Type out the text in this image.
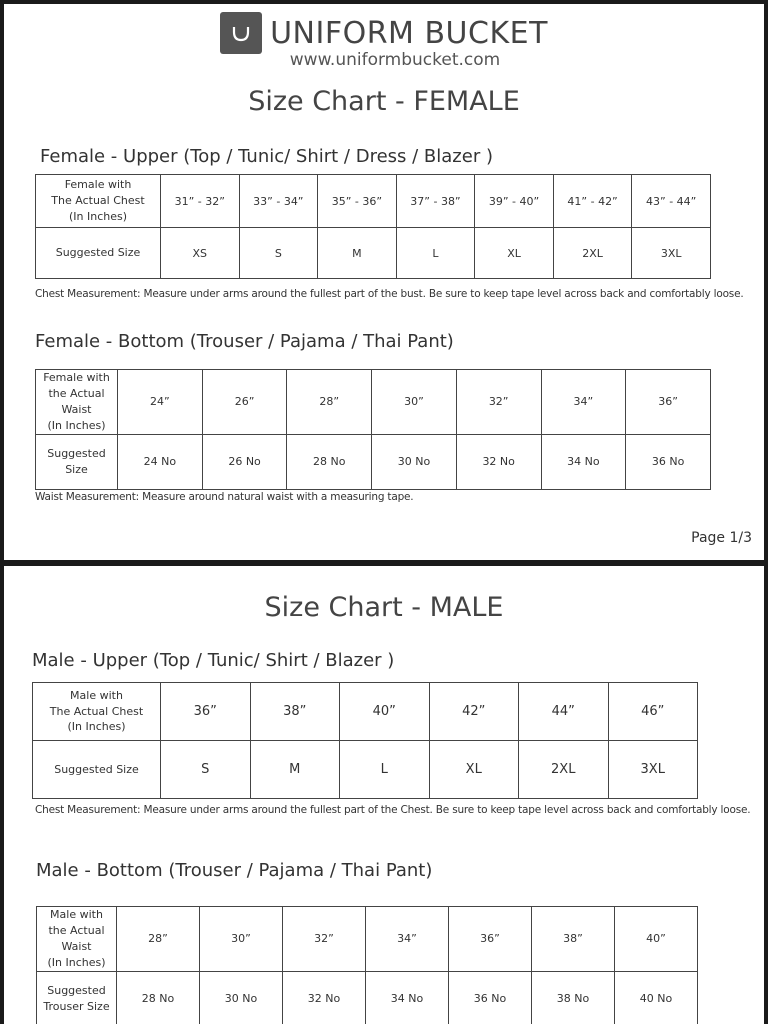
UNIFORM BUCKET
www.uniformbucket.com
Size Chart - FEMALE
Female - Upper (Top / Tunic/ Shirt / Dress / Blazer )
Female with
The Actual Chest
(In Inches)	31” - 32”	33” - 34”	35” - 36”	37” - 38”	39” - 40”	41” - 42”	43” - 44”
Suggested Size	XS	S	M	L	XL	2XL	3XL
Chest Measurement: Measure under arms around the fullest part of the bust. Be sure to keep tape level across back and comfortably loose.
Female - Bottom (Trouser / Pajama / Thai Pant)
Female with
the Actual Waist
(In Inches)	24”	26”	28”	30”	32”	34”	36”

Suggested
Size	24 No	26 No	28 No	30 No	32 No	34 No	36 No
Waist Measurement: Measure around natural waist with a measuring tape.
Page 1/3
Size Chart - MALE
Male - Upper (Top / Tunic/ Shirt / Blazer )
Male with
The Actual Chest
(In Inches)	36”	38”	40”	42”	44”	46”
Suggested Size	S	M	L	XL	2XL	3XL
Chest Measurement: Measure under arms around the fullest part of the Chest. Be sure to keep tape level across back and comfortably loose.
Male - Bottom (Trouser / Pajama / Thai Pant)
Male with
the Actual Waist
(In Inches)	28”	30”	32”	34”	36”	38”	40”

Suggested
Trouser Size	28 No	30 No	32 No	34 No	36 No	38 No	40 No
